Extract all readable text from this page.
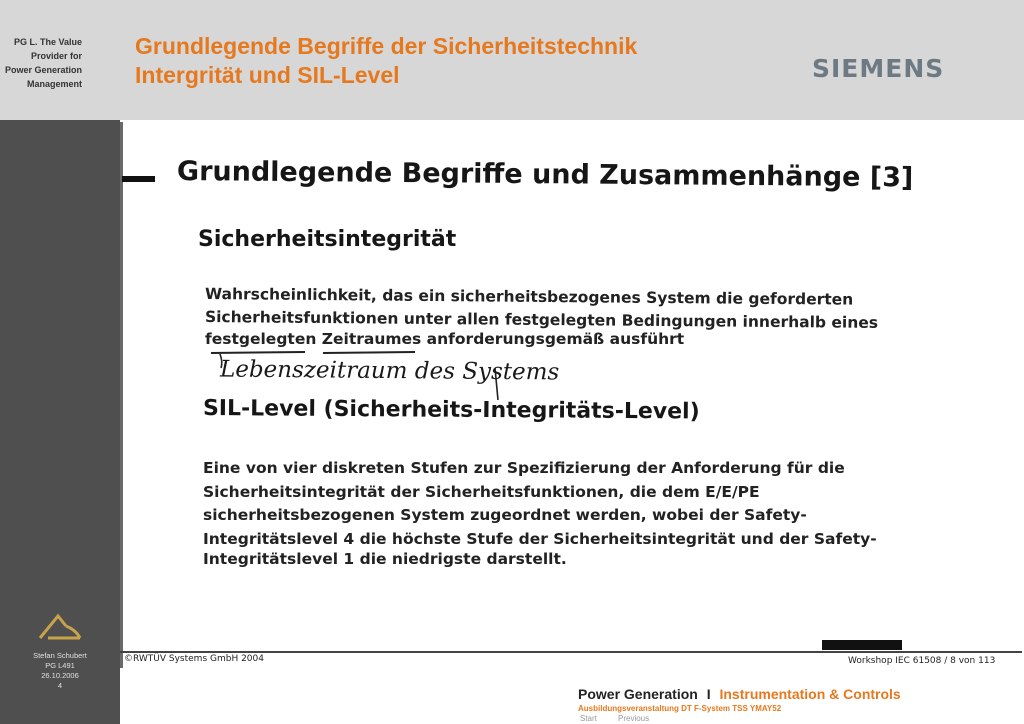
PG L. The Value
Provider for
Power Generation
Management
Grundlegende Begriffe der Sicherheitstechnik
Intergrität und SIL-Level	SIEMENS
Grundlegende Begriffe und Zusammenhänge [3]
Sicherheitsintegrität
Wahrscheinlichkeit, das ein sicherheitsbezogenes System die geforderten
Sicherheitsfunktionen unter allen festgelegten Bedingungen innerhalb eines
festgelegten Zeitraumes anforderungsgemäß ausführt
Lebenszeitraum des Systems
SIL-Level (Sicherheits-Integritäts-Level)
Eine von vier diskreten Stufen zur Spezifizierung der Anforderung für die
Sicherheitsintegrität der Sicherheitsfunktionen, die dem E/E/PE
sicherheitsbezogenen System zugeordnet werden, wobei der Safety-
Integritätslevel 4 die höchste Stufe der Sicherheitsintegrität und der Safety-
Integritätslevel 1 die niedrigste darstellt.
©RWTÜV Systems GmbH 2004	Workshop IEC 61508 / 8 von 113
Stefan Schubert
PG L491
26.10.2006
4
Power Generation I Instrumentation & Controls
Ausbildungsveranstaltung DT F-System TSS YMAY52
Start	Previous
